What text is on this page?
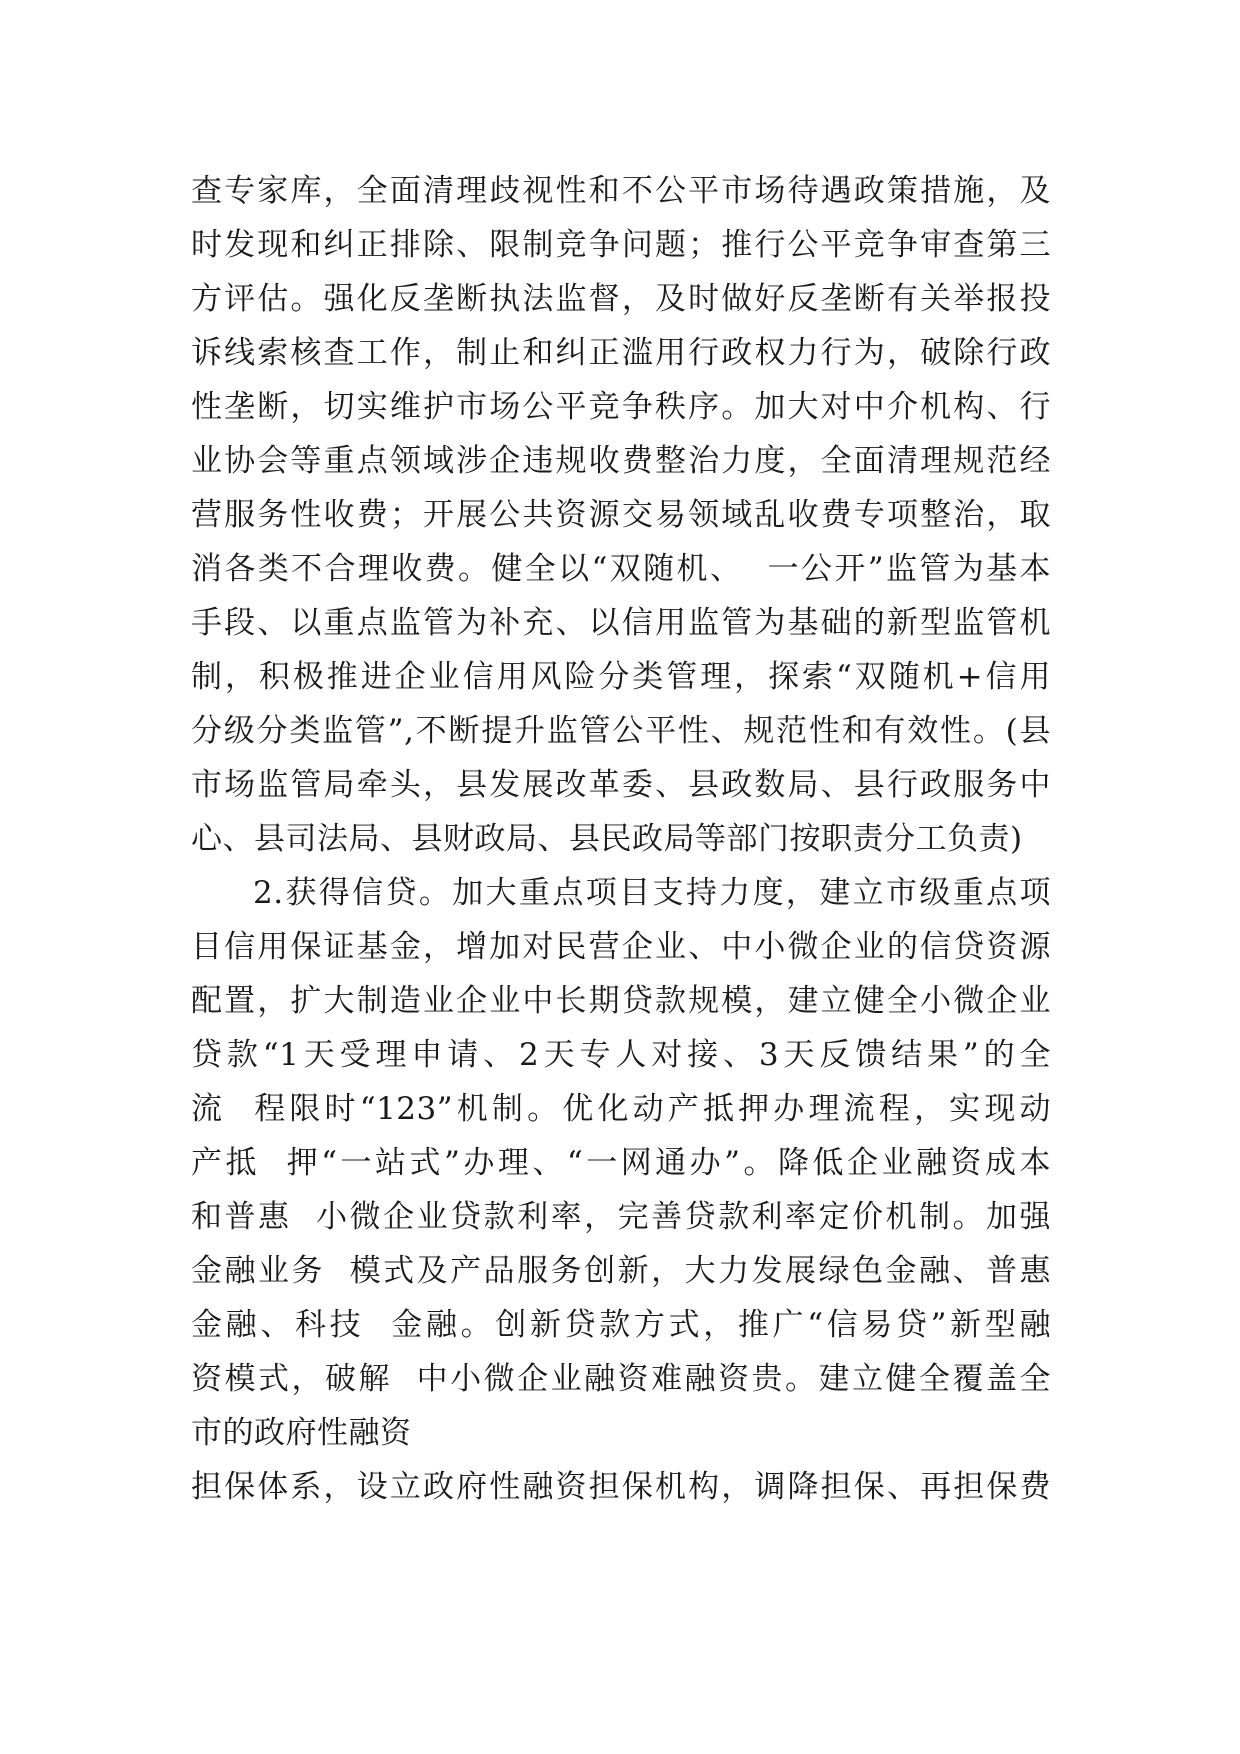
查专家库，全面清理歧视性和不公平市场待遇政策措施，及
时发现和纠正排除、限制竞争问题；推行公平竞争审查第三
方评估。强化反垄断执法监督，及时做好反垄断有关举报投
诉线索核查工作，制止和纠正滥用行政权力行为，破除行政
性垄断，切实维护市场公平竞争秩序。加大对中介机构、行
业协会等重点领域涉企违规收费整治力度，全面清理规范经
营服务性收费；开展公共资源交易领域乱收费专项整治，取
消各类不合理收费。健全以“双随机、  一公开”监管为基本
手段、以重点监管为补充、以信用监管为基础的新型监管机
制，积极推进企业信用风险分类管理，探索“双随机+信用
分级分类监管”,不断提升监管公平性、规范性和有效性。(县
市场监管局牵头，县发展改革委、县政数局、县行政服务中
心、县司法局、县财政局、县民政局等部门按职责分工负责)
2.获得信贷。加大重点项目支持力度，建立市级重点项
目信用保证基金，增加对民营企业、中小微企业的信贷资源
配置，扩大制造业企业中长期贷款规模，建立健全小微企业
贷款“1天受理申请、2天专人对接、3天反馈结果”的全
流  程限时“123”机制。优化动产抵押办理流程，实现动
产抵  押“一站式”办理、“一网通办”。降低企业融资成本
和普惠  小微企业贷款利率，完善贷款利率定价机制。加强
金融业务  模式及产品服务创新，大力发展绿色金融、普惠
金融、科技  金融。创新贷款方式，推广“信易贷”新型融
资模式，破解  中小微企业融资难融资贵。建立健全覆盖全
市的政府性融资
担保体系，设立政府性融资担保机构，调降担保、再担保费
